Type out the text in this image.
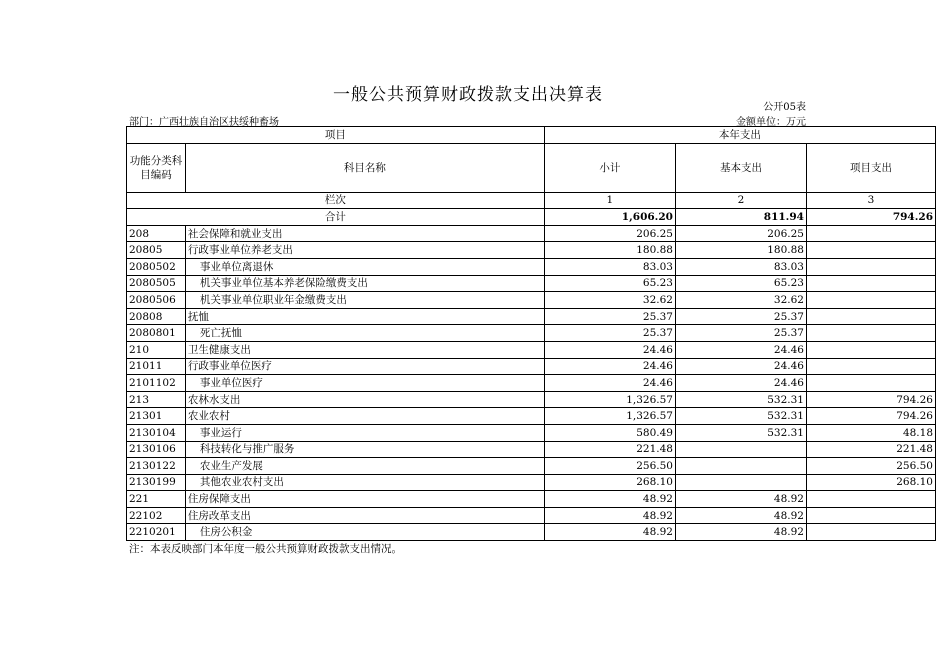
一般公共预算财政拨款支出决算表
公开05表
部门：广西壮族自治区扶绥种畜场	金额单位：万元
项目		本年支出		
功能分类科目编码	科目名称	小计	基本支出	项目支出
栏次		1	2	3
合计		1,606.20	811.94	794.26
208	社会保障和就业支出	206.25	206.25	
20805	行政事业单位养老支出	180.88	180.88	
2080502	事业单位离退休	83.03	83.03	
2080505	机关事业单位基本养老保险缴费支出	65.23	65.23	
2080506	机关事业单位职业年金缴费支出	32.62	32.62	
20808	抚恤	25.37	25.37	
2080801	死亡抚恤	25.37	25.37	
210	卫生健康支出	24.46	24.46	
21011	行政事业单位医疗	24.46	24.46	
2101102	事业单位医疗	24.46	24.46	
213	农林水支出	1,326.57	532.31	794.26
21301	农业农村	1,326.57	532.31	794.26
2130104	事业运行	580.49	532.31	48.18
2130106	科技转化与推广服务	221.48		221.48
2130122	农业生产发展	256.50		256.50
2130199	其他农业农村支出	268.10		268.10
221	住房保障支出	48.92	48.92	
22102	住房改革支出	48.92	48.92	
2210201	住房公积金	48.92	48.92	
注：本表反映部门本年度一般公共预算财政拨款支出情况。
